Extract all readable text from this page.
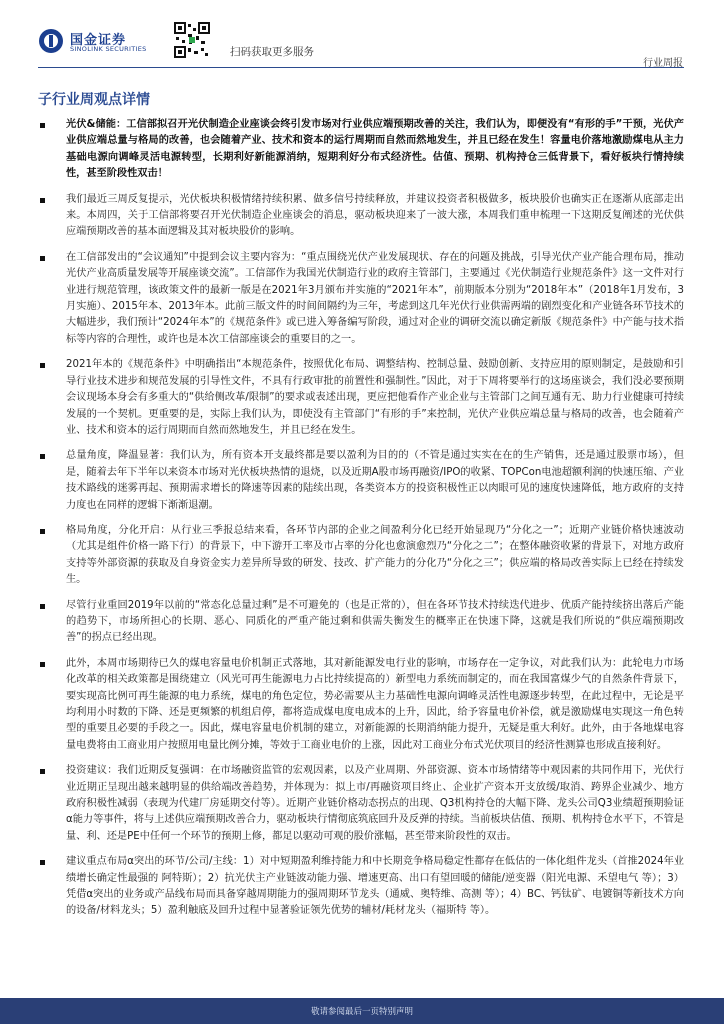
国金证券
SINOLINK SECURITIES	扫码获取更多服务
行业周报
子行业周观点详情
光伏&储能：工信部拟召开光伏制造企业座谈会终引发市场对行业供应端预期改善的关注，我们认为，即便没有“有形的手”干预，光伏产业供应端总量与格局的改善，也会随着产业、技术和资本的运行周期而自然而然地发生，并且已经在发生！容量电价落地激励煤电从主力基础电源向调峰灵活电源转型，长期利好新能源消纳，短期利好分布式经济性。估值、预期、机构持仓三低背景下，看好板块行情持续性，甚至阶段性双击！
我们最近三周反复提示，光伏板块积极情绪持续积累、做多信号持续释放，并建议投资者积极做多，板块股价也确实正在逐渐从底部走出来。本周四，关于工信部将要召开光伏制造企业座谈会的消息，驱动板块迎来了一波大涨，本周我们重申梳理一下这期反复阐述的光伏供应端预期改善的基本面逻辑及其对板块股价的影响。
在工信部发出的“会议通知”中提到会议主要内容为：“重点围绕光伏产业发展现状、存在的问题及挑战，引导光伏产业产能合理布局，推动光伏产业高质量发展等开展座谈交流”。工信部作为我国光伏制造行业的政府主管部门，主要通过《光伏制造行业规范条件》这一文件对行业进行规范管理，该政策文件的最新一版是在2021年3月颁布并实施的“2021年本”，前期版本分别为“2018年本”（2018年1月发布，3月实施）、2015年本、2013年本。此前三版文件的时间间隔约为三年，考虑到这几年光伏行业供需两端的剧烈变化和产业链各环节技术的大幅进步，我们预计“2024年本”的《规范条件》或已进入筹备编写阶段，通过对企业的调研交流以确定新版《规范条件》中产能与技术指标等内容的合理性，或许也是本次工信部座谈会的重要目的之一。
2021年本的《规范条件》中明确指出“本规范条件，按照优化布局、调整结构、控制总量、鼓励创新、支持应用的原则制定，是鼓励和引导行业技术进步和规范发展的引导性文件，不具有行政审批的前置性和强制性。”因此，对于下周将要举行的这场座谈会，我们没必要预期会议现场本身会有多重大的“供给侧改革/限制”的要求或表述出现，更应把他看作产业企业与主管部门之间互通有无、助力行业健康可持续发展的一个契机。更重要的是，实际上我们认为，即使没有主管部门“有形的手”来控制，光伏产业供应端总量与格局的改善，也会随着产业、技术和资本的运行周期而自然而然地发生，并且已经在发生。
总量角度，降温显著：我们认为，所有资本开支最终都是要以盈利为目的的（不管是通过实实在在的生产销售，还是通过股票市场），但是，随着去年下半年以来资本市场对光伏板块热情的退烧，以及近期A股市场再融资/IPO的收紧、TOPCon电池超额利润的快速压缩、产业技术路线的迷雾再起、预期需求增长的降速等因素的陆续出现，各类资本方的投资积极性正以肉眼可见的速度快速降低，地方政府的支持力度也在同样的逻辑下渐渐退潮。
格局角度，分化开启：从行业三季报总结来看，各环节内部的企业之间盈利分化已经开始显现乃“分化之一”；近期产业链价格快速波动（尤其是组件价格一路下行）的背景下，中下游开工率及市占率的分化也愈演愈烈乃“分化之二”；在整体融资收紧的背景下，对地方政府支持等外部资源的获取及自身资金实力差异所导致的研发、技改、扩产能力的分化乃“分化之三”；供应端的格局改善实际上已经在持续发生。
尽管行业重回2019年以前的“常态化总量过剩”是不可避免的（也是正常的），但在各环节技术持续迭代进步、优质产能持续挤出落后产能的趋势下，市场所担心的长期、恶心、同质化的严重产能过剩和供需失衡发生的概率正在快速下降，这就是我们所说的“供应端预期改善”的拐点已经出现。
此外，本周市场期待已久的煤电容量电价机制正式落地，其对新能源发电行业的影响，市场存在一定争议，对此我们认为：此轮电力市场化改革的相关政策都是围绕建立（风光可再生能源电力占比持续提高的）新型电力系统而制定的，而在我国富煤少气的自然条件背景下，要实现高比例可再生能源的电力系统，煤电的角色定位，势必需要从主力基础性电源向调峰灵活性电源逐步转型，在此过程中，无论是平均利用小时数的下降、还是更频繁的机组启停，都将造成煤电度电成本的上升，因此，给予容量电价补偿，就是激励煤电实现这一角色转型的重要且必要的手段之一。因此，煤电容量电价机制的建立，对新能源的长期消纳能力提升，无疑是重大利好。此外，由于各地煤电容量电费将由工商业用户按照用电量比例分摊，等效于工商业电价的上涨，因此对工商业分布式光伏项目的经济性测算也形成直接利好。
投资建议：我们近期反复强调：在市场融资监管的宏观因素，以及产业周期、外部资源、资本市场情绪等中观因素的共同作用下，光伏行业近期正呈现出越来越明显的供给端改善趋势，并体现为：拟上市/再融资项目终止、企业扩产资本开支放缓/取消、跨界企业减少、地方政府积极性减弱（表现为代建厂房延期交付等）。近期产业链价格动态拐点的出现、Q3机构持仓的大幅下降、龙头公司Q3业绩超预期验证α能力等事件，将与上述供应端预期改善合力，驱动板块行情彻底筑底回升及反弹的持续。当前板块估值、预期、机构持仓水平下，不管是量、利、还是PE中任何一个环节的预期上修，都足以驱动可观的股价涨幅，甚至带来阶段性的双击。
建议重点布局α突出的环节/公司/主线：1）对中短期盈利维持能力和中长期竞争格局稳定性都存在低估的一体化组件龙头（首推2024年业绩增长确定性最强的 阿特斯）；2）抗光伏主产业链波动能力强、增速更高、出口有望回暖的储能/逆变器（阳光电源、禾望电气 等）；3）凭借α突出的业务或产品线布局而具备穿越周期能力的强周期环节龙头（通威、奥特维、高测 等）；4）BC、钙钛矿、电镀铜等新技术方向的设备/材料龙头；5）盈利触底及回升过程中显著验证领先优势的辅材/耗材龙头（福斯特 等）。
敬请参阅最后一页特别声明
